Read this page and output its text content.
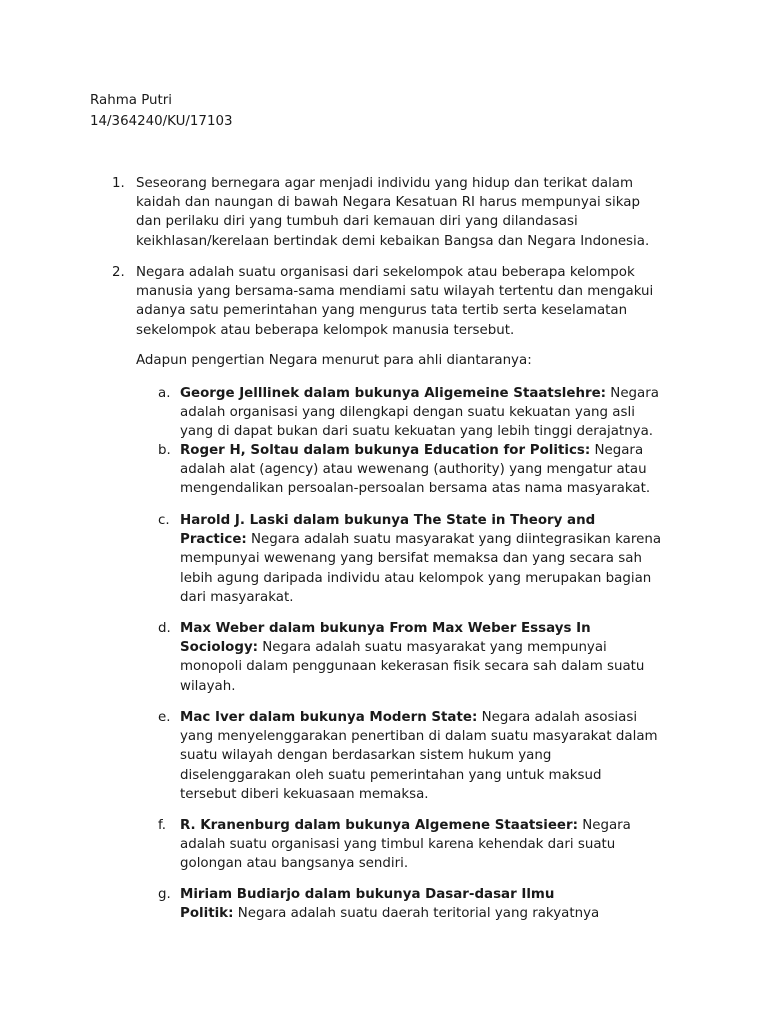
Rahma Putri
14/364240/KU/17103
1. Seseorang bernegara agar menjadi individu yang hidup dan terikat dalam
kaidah dan naungan di bawah Negara Kesatuan RI harus mempunyai sikap
dan perilaku diri yang tumbuh dari kemauan diri yang dilandasasi
keikhlasan/kerelaan bertindak demi kebaikan Bangsa dan Negara Indonesia.
2. Negara adalah suatu organisasi dari sekelompok atau beberapa kelompok
manusia yang bersama-sama mendiami satu wilayah tertentu dan mengakui
adanya satu pemerintahan yang mengurus tata tertib serta keselamatan
sekelompok atau beberapa kelompok manusia tersebut.
Adapun pengertian Negara menurut para ahli diantaranya:
a. George Jelllinek dalam bukunya Aligemeine Staatslehre: Negara
adalah organisasi yang dilengkapi dengan suatu kekuatan yang asli
yang di dapat bukan dari suatu kekuatan yang lebih tinggi derajatnya.
b. Roger H, Soltau dalam bukunya Education for Politics: Negara
adalah alat (agency) atau wewenang (authority) yang mengatur atau
mengendalikan persoalan-persoalan bersama atas nama masyarakat.
c. Harold J. Laski dalam bukunya The State in Theory and
Practice: Negara adalah suatu masyarakat yang diintegrasikan karena
mempunyai wewenang yang bersifat memaksa dan yang secara sah
lebih agung daripada individu atau kelompok yang merupakan bagian
dari masyarakat.
d. Max Weber dalam bukunya From Max Weber Essays In
Sociology: Negara adalah suatu masyarakat yang mempunyai
monopoli dalam penggunaan kekerasan fisik secara sah dalam suatu
wilayah.
e. Mac Iver dalam bukunya Modern State: Negara adalah asosiasi
yang menyelenggarakan penertiban di dalam suatu masyarakat dalam
suatu wilayah dengan berdasarkan sistem hukum yang
diselenggarakan oleh suatu pemerintahan yang untuk maksud
tersebut diberi kekuasaan memaksa.
f. R. Kranenburg dalam bukunya Algemene Staatsieer: Negara
adalah suatu organisasi yang timbul karena kehendak dari suatu
golongan atau bangsanya sendiri.
g. Miriam Budiarjo dalam bukunya Dasar-dasar Ilmu
Politik: Negara adalah suatu daerah teritorial yang rakyatnya
